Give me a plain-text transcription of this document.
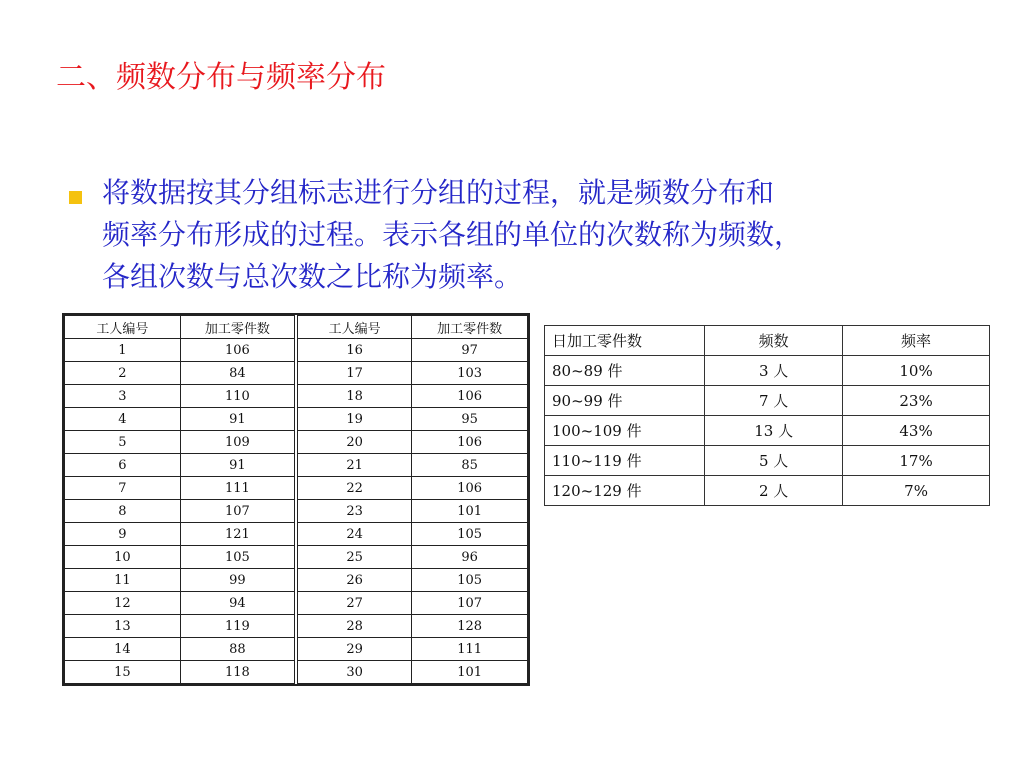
二、频数分布与频率分布
将数据按其分组标志进行分组的过程，就是频数分布和
频率分布形成的过程。表示各组的单位的次数称为频数，
各组次数与总次数之比称为频率。
工人编号	加工零件数	工人编号	加工零件数
1	106	16	97
2	84	17	103
3	110	18	106
4	91	19	95
5	109	20	106
6	91	21	85
7	111	22	106
8	107	23	101
9	121	24	105
10	105	25	96
11	99	26	105
12	94	27	107
13	119	28	128
14	88	29	111
15	118	30	101
日加工零件数	频数	频率
80~89 件	3 人	10%
90~99 件	7 人	23%
100~109 件	13 人	43%
110~119 件	5 人	17%
120~129 件	2 人	7%
